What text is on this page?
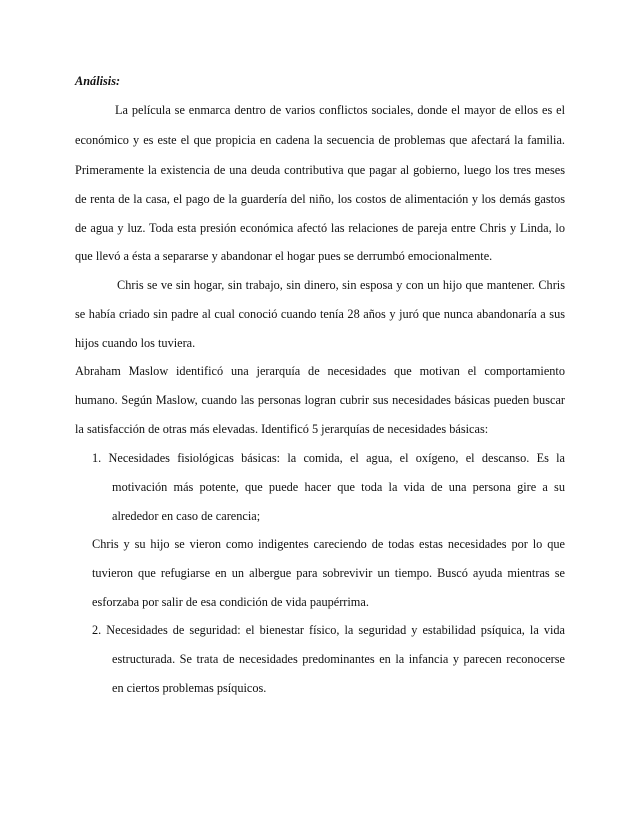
Análisis:
La película se enmarca dentro de varios conflictos sociales, donde el mayor de ellos es el
económico y es este el que propicia en cadena la secuencia de problemas que afectará la familia.
Primeramente la existencia de una deuda contributiva que pagar al gobierno, luego los tres meses
de renta de la casa, el pago de la guardería del niño, los costos de alimentación y los demás gastos
de agua y luz. Toda esta presión económica afectó las relaciones de pareja entre Chris y Linda, lo
que llevó a ésta a separarse y abandonar el hogar pues se derrumbó emocionalmente.
Chris se ve sin hogar, sin trabajo, sin dinero, sin esposa y con un hijo que mantener. Chris
se había criado sin padre al cual conoció cuando tenía 28 años y juró que nunca abandonaría a sus
hijos cuando los tuviera.
Abraham Maslow identificó una jerarquía de necesidades que motivan el comportamiento
humano. Según Maslow, cuando las personas logran cubrir sus necesidades básicas pueden buscar
la satisfacción de otras más elevadas. Identificó 5 jerarquías de necesidades básicas:
1. Necesidades fisiológicas básicas: la comida, el agua, el oxígeno, el descanso. Es la
motivación más potente, que puede hacer que toda la vida de una persona gire a su
alrededor en caso de carencia;
Chris y su hijo se vieron como indigentes careciendo de todas estas necesidades por lo que
tuvieron que refugiarse en un albergue para sobrevivir un tiempo. Buscó ayuda mientras se
esforzaba por salir de esa condición de vida paupérrima.
2. Necesidades de seguridad: el bienestar físico, la seguridad y estabilidad psíquica, la vida
estructurada. Se trata de necesidades predominantes en la infancia y parecen reconocerse
en ciertos problemas psíquicos.
